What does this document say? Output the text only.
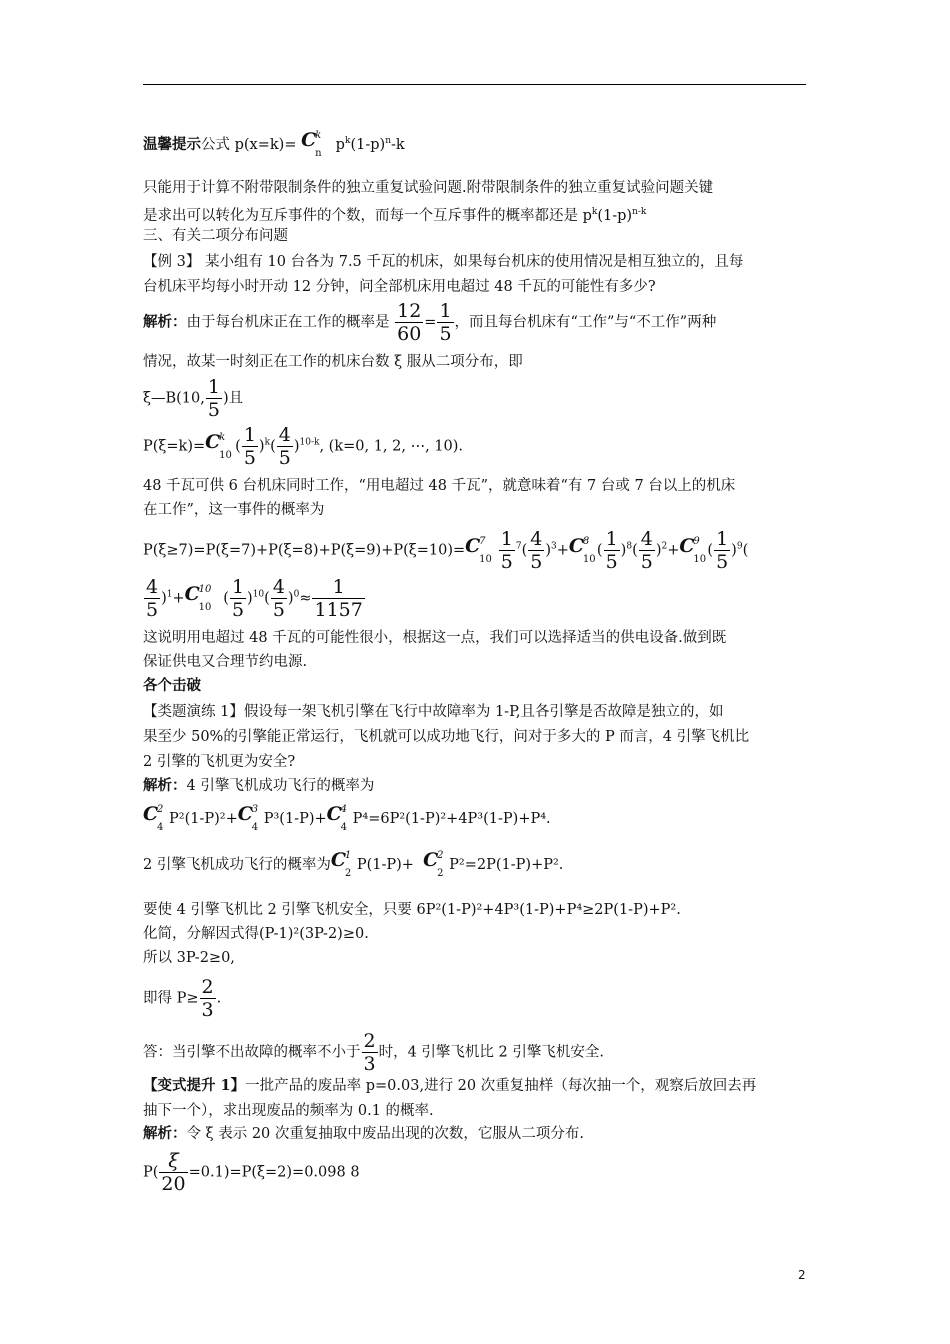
温馨提示公式 p(x=k)= C
k
n
$p^k(1-p)^n-k$
只能用于计算不附带限制条件的独立重复试验问题.附带限制条件的独立重复试验问题关键
是求出可以转化为互斥事件的个数，而每一个互斥事件的概率都还是 $p^k(1-p)^{n-k}$
三、有关二项分布问题
【例 3】 某小组有 10 台各为 7.5 千瓦的机床，如果每台机床的使用情况是相互独立的，且每
台机床平均每小时开动 12 分钟，问全部机床用电超过 48 千瓦的可能性有多少?
解析：由于每台机床正在工作的概率是 $\frac{12}{60} = \frac{1}{5}$ ，而且每台机床有“工作”与“不工作”两种
情况，故某一时刻正在工作的机床台数 ξ 服从二项分布，即
ξ—B(10, $\frac{1}{5}$ )且
P(ξ=k)=C
k
10
( $\frac{1}{5} )^k( \frac{4}{5} )^{10-k}$, (k=0, 1, 2, ⋯, 10).
48 千瓦可供 6 台机床同时工作，“用电超过 48 千瓦”，就意味着“有 7 台或 7 台以上的机床
在工作”，这一事件的概率为
P(ξ≥7)=P(ξ=7)+P(ξ=8)+P(ξ=9)+P(ξ=10)=C
7
10
$\frac{1}{5} ^7( \frac{4}{5} )^3+C$
8
10
( $\frac{1}{5} )^8( \frac{4}{5} )^2+C$
9
10
( $\frac{1}{5} )^9$(
$\frac{4}{5} )^1+C$
10
10
( $\frac{1}{5} )^{10}( \frac{4}{5} )^0\approx \frac{1}{1157}$
这说明用电超过 48 千瓦的可能性很小，根据这一点，我们可以选择适当的供电设备.做到既
保证供电又合理节约电源.
各个击破
【类题演练 1】假设每一架飞机引擎在飞行中故障率为 1-P,且各引擎是否故障是独立的，如
果至少 50%的引擎能正常运行，飞机就可以成功地飞行，问对于多大的 P 而言，4 引擎飞机比
2 引擎的飞机更为安全?
解析：4 引擎飞机成功飞行的概率为
C
2
4
P²(1-P)²+C
3
4
P³(1-P)+C
4
4
P⁴=6P²(1-P)²+4P³(1-P)+P⁴.
2 引擎飞机成功飞行的概率为C
1
2
P(1-P)+ C
2
2
P²=2P(1-P)+P².
要使 4 引擎飞机比 2 引擎飞机安全，只要 6P²(1-P)²+4P³(1-P)+P⁴≥2P(1-P)+P².
化简，分解因式得(P-1)²(3P-2)≥0.
所以 3P-2≥0,
即得 $P\ge \frac{2}{3}$ .
答：当引擎不出故障的概率不小于 $\frac{2}{3}$ 时，4 引擎飞机比 2 引擎飞机安全.
【变式提升 1】一批产品的废品率 p=0.03,进行 20 次重复抽样（每次抽一个，观察后放回去再
抽下一个），求出现废品的频率为 0.1 的概率.
解析：令 ξ 表示 20 次重复抽取中废品出现的次数，它服从二项分布.
$P( \frac{\xi}{20} =0.1)=P(\xi=2)=0.098$ 8
2
